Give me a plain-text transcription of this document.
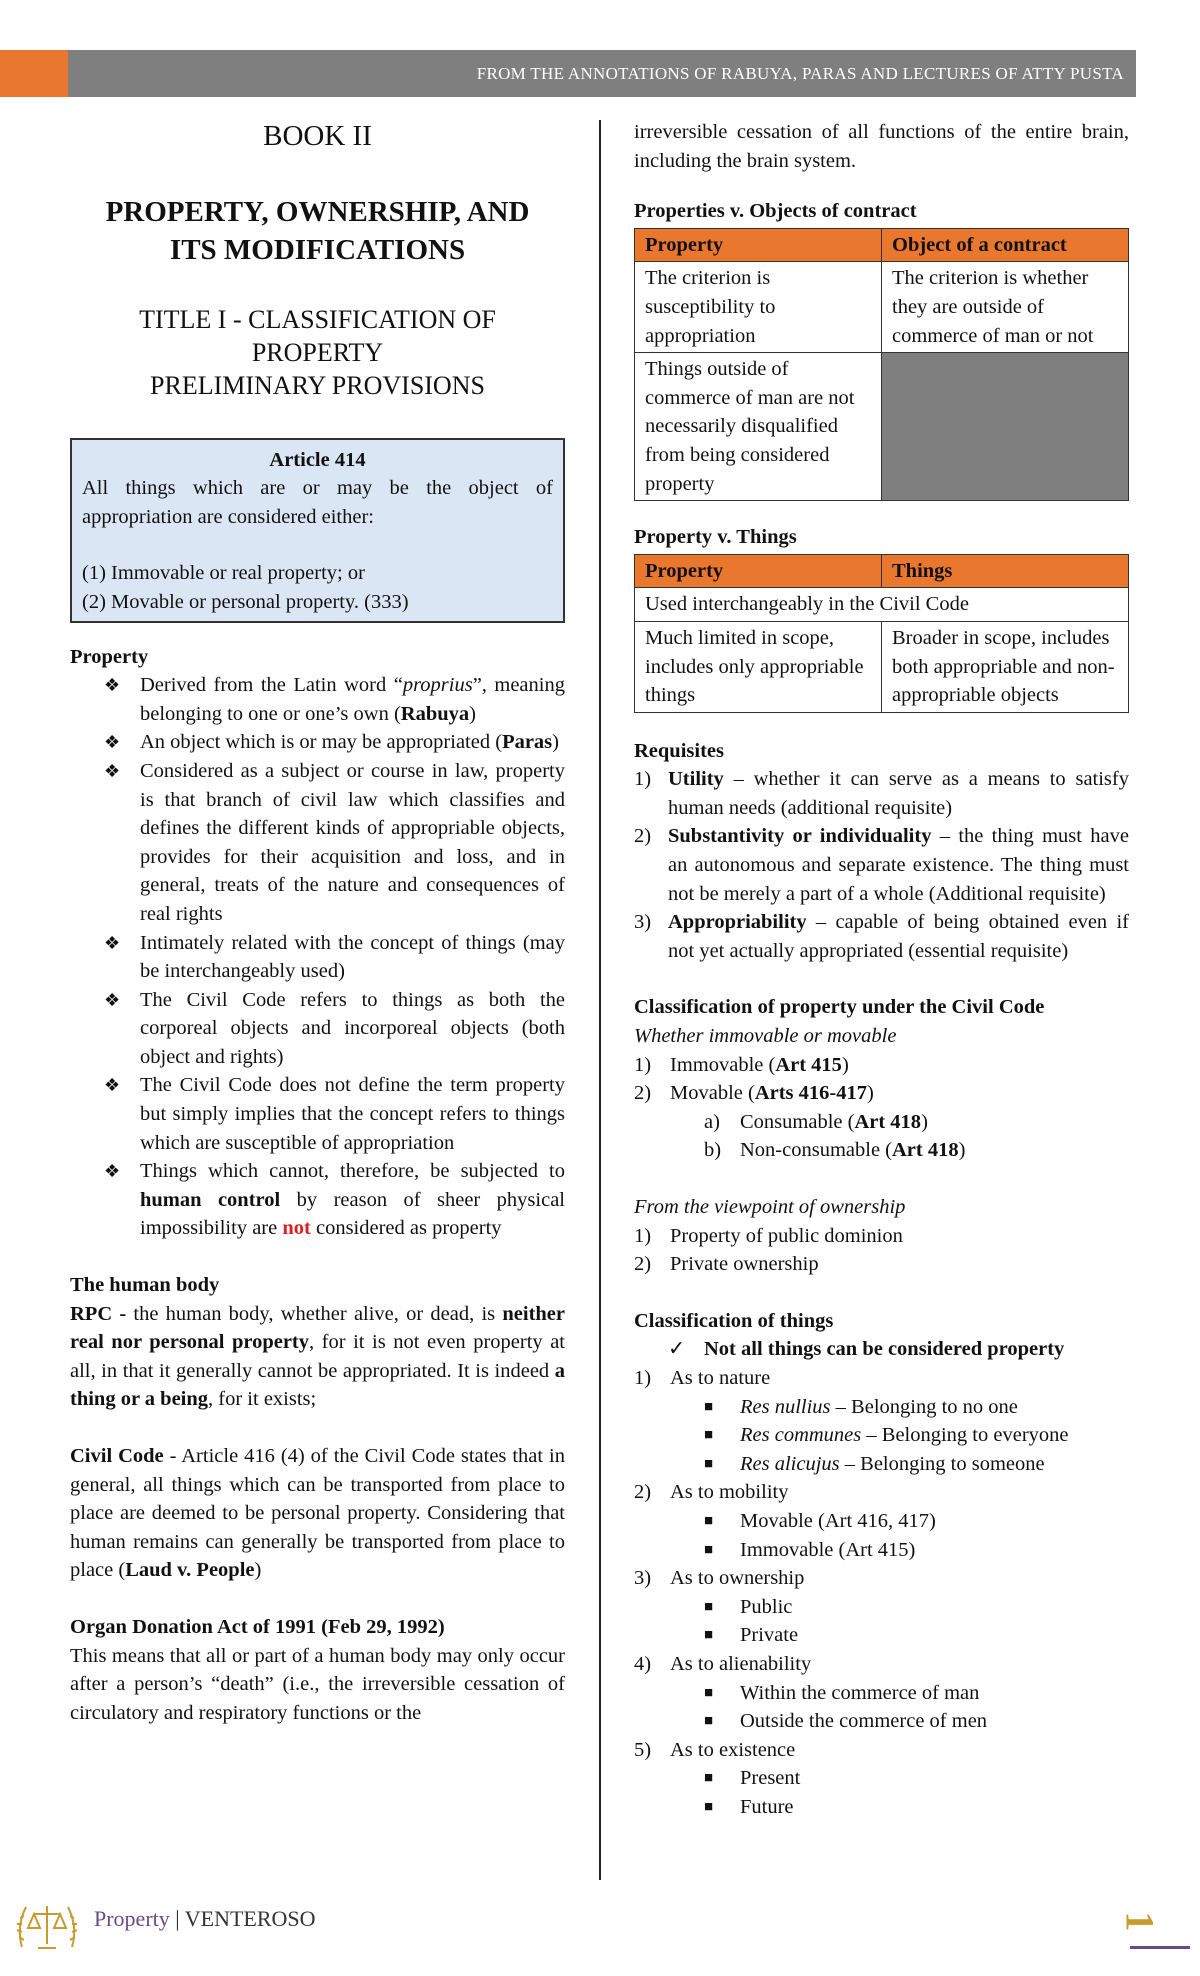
FROM THE ANNOTATIONS OF RABUYA, PARAS AND LECTURES OF ATTY PUSTA
BOOK II
PROPERTY, OWNERSHIP, AND
ITS MODIFICATIONS
TITLE I - CLASSIFICATION OF
PROPERTY
PRELIMINARY PROVISIONS
Article 414
All things which are or may be the object of appropriation are considered either:
(1) Immovable or real property; or
(2) Movable or personal property. (333)
Property
❖ Derived from the Latin word “proprius”, meaning belonging to one or one’s own (Rabuya)
❖ An object which is or may be appropriated (Paras)
❖ Considered as a subject or course in law, property is that branch of civil law which classifies and defines the different kinds of appropriable objects, provides for their acquisition and loss, and in general, treats of the nature and consequences of real rights
❖ Intimately related with the concept of things (may be interchangeably used)
❖ The Civil Code refers to things as both the corporeal objects and incorporeal objects (both object and rights)
❖ The Civil Code does not define the term property but simply implies that the concept refers to things which are susceptible of appropriation
❖ Things which cannot, therefore, be subjected to human control by reason of sheer physical impossibility are not considered as property
The human body
RPC - the human body, whether alive, or dead, is neither real nor personal property, for it is not even property at all, in that it generally cannot be appropriated. It is indeed a thing or a being, for it exists;
Civil Code - Article 416 (4) of the Civil Code states that in general, all things which can be transported from place to place are deemed to be personal property. Considering that human remains can generally be transported from place to place (Laud v. People)
Organ Donation Act of 1991 (Feb 29, 1992)
This means that all or part of a human body may only occur after a person’s “death” (i.e., the irreversible cessation of circulatory and respiratory functions or the
irreversible cessation of all functions of the entire brain, including the brain system.
Properties v. Objects of contract
Property	Object of a contract
The criterion is susceptibility to appropriation	The criterion is whether they are outside of commerce of man or not
Things outside of commerce of man are not necessarily disqualified from being considered property	
Property v. Things
Property	Things
Used interchangeably in the Civil Code	
Much limited in scope, includes only appropriable things	Broader in scope, includes both appropriable and non-appropriable objects
Requisites
1) Utility – whether it can serve as a means to satisfy human needs (additional requisite)
2) Substantivity or individuality – the thing must have an autonomous and separate existence. The thing must not be merely a part of a whole (Additional requisite)
3) Appropriability – capable of being obtained even if not yet actually appropriated (essential requisite)
Classification of property under the Civil Code
Whether immovable or movable
1) Immovable (Art 415)
2) Movable (Arts 416-417)
a) Consumable (Art 418)
b) Non-consumable (Art 418)
From the viewpoint of ownership
1) Property of public dominion
2) Private ownership
Classification of things
✓ Not all things can be considered property
1) As to nature
■ Res nullius – Belonging to no one
■ Res communes – Belonging to everyone
■ Res alicujus – Belonging to someone
2) As to mobility
■ Movable (Art 416, 417)
■ Immovable (Art 415)
3) As to ownership
■ Public
■ Private
4) As to alienability
■ Within the commerce of man
■ Outside the commerce of men
5) As to existence
■ Present
■ Future
Property | VENTEROSO	1
